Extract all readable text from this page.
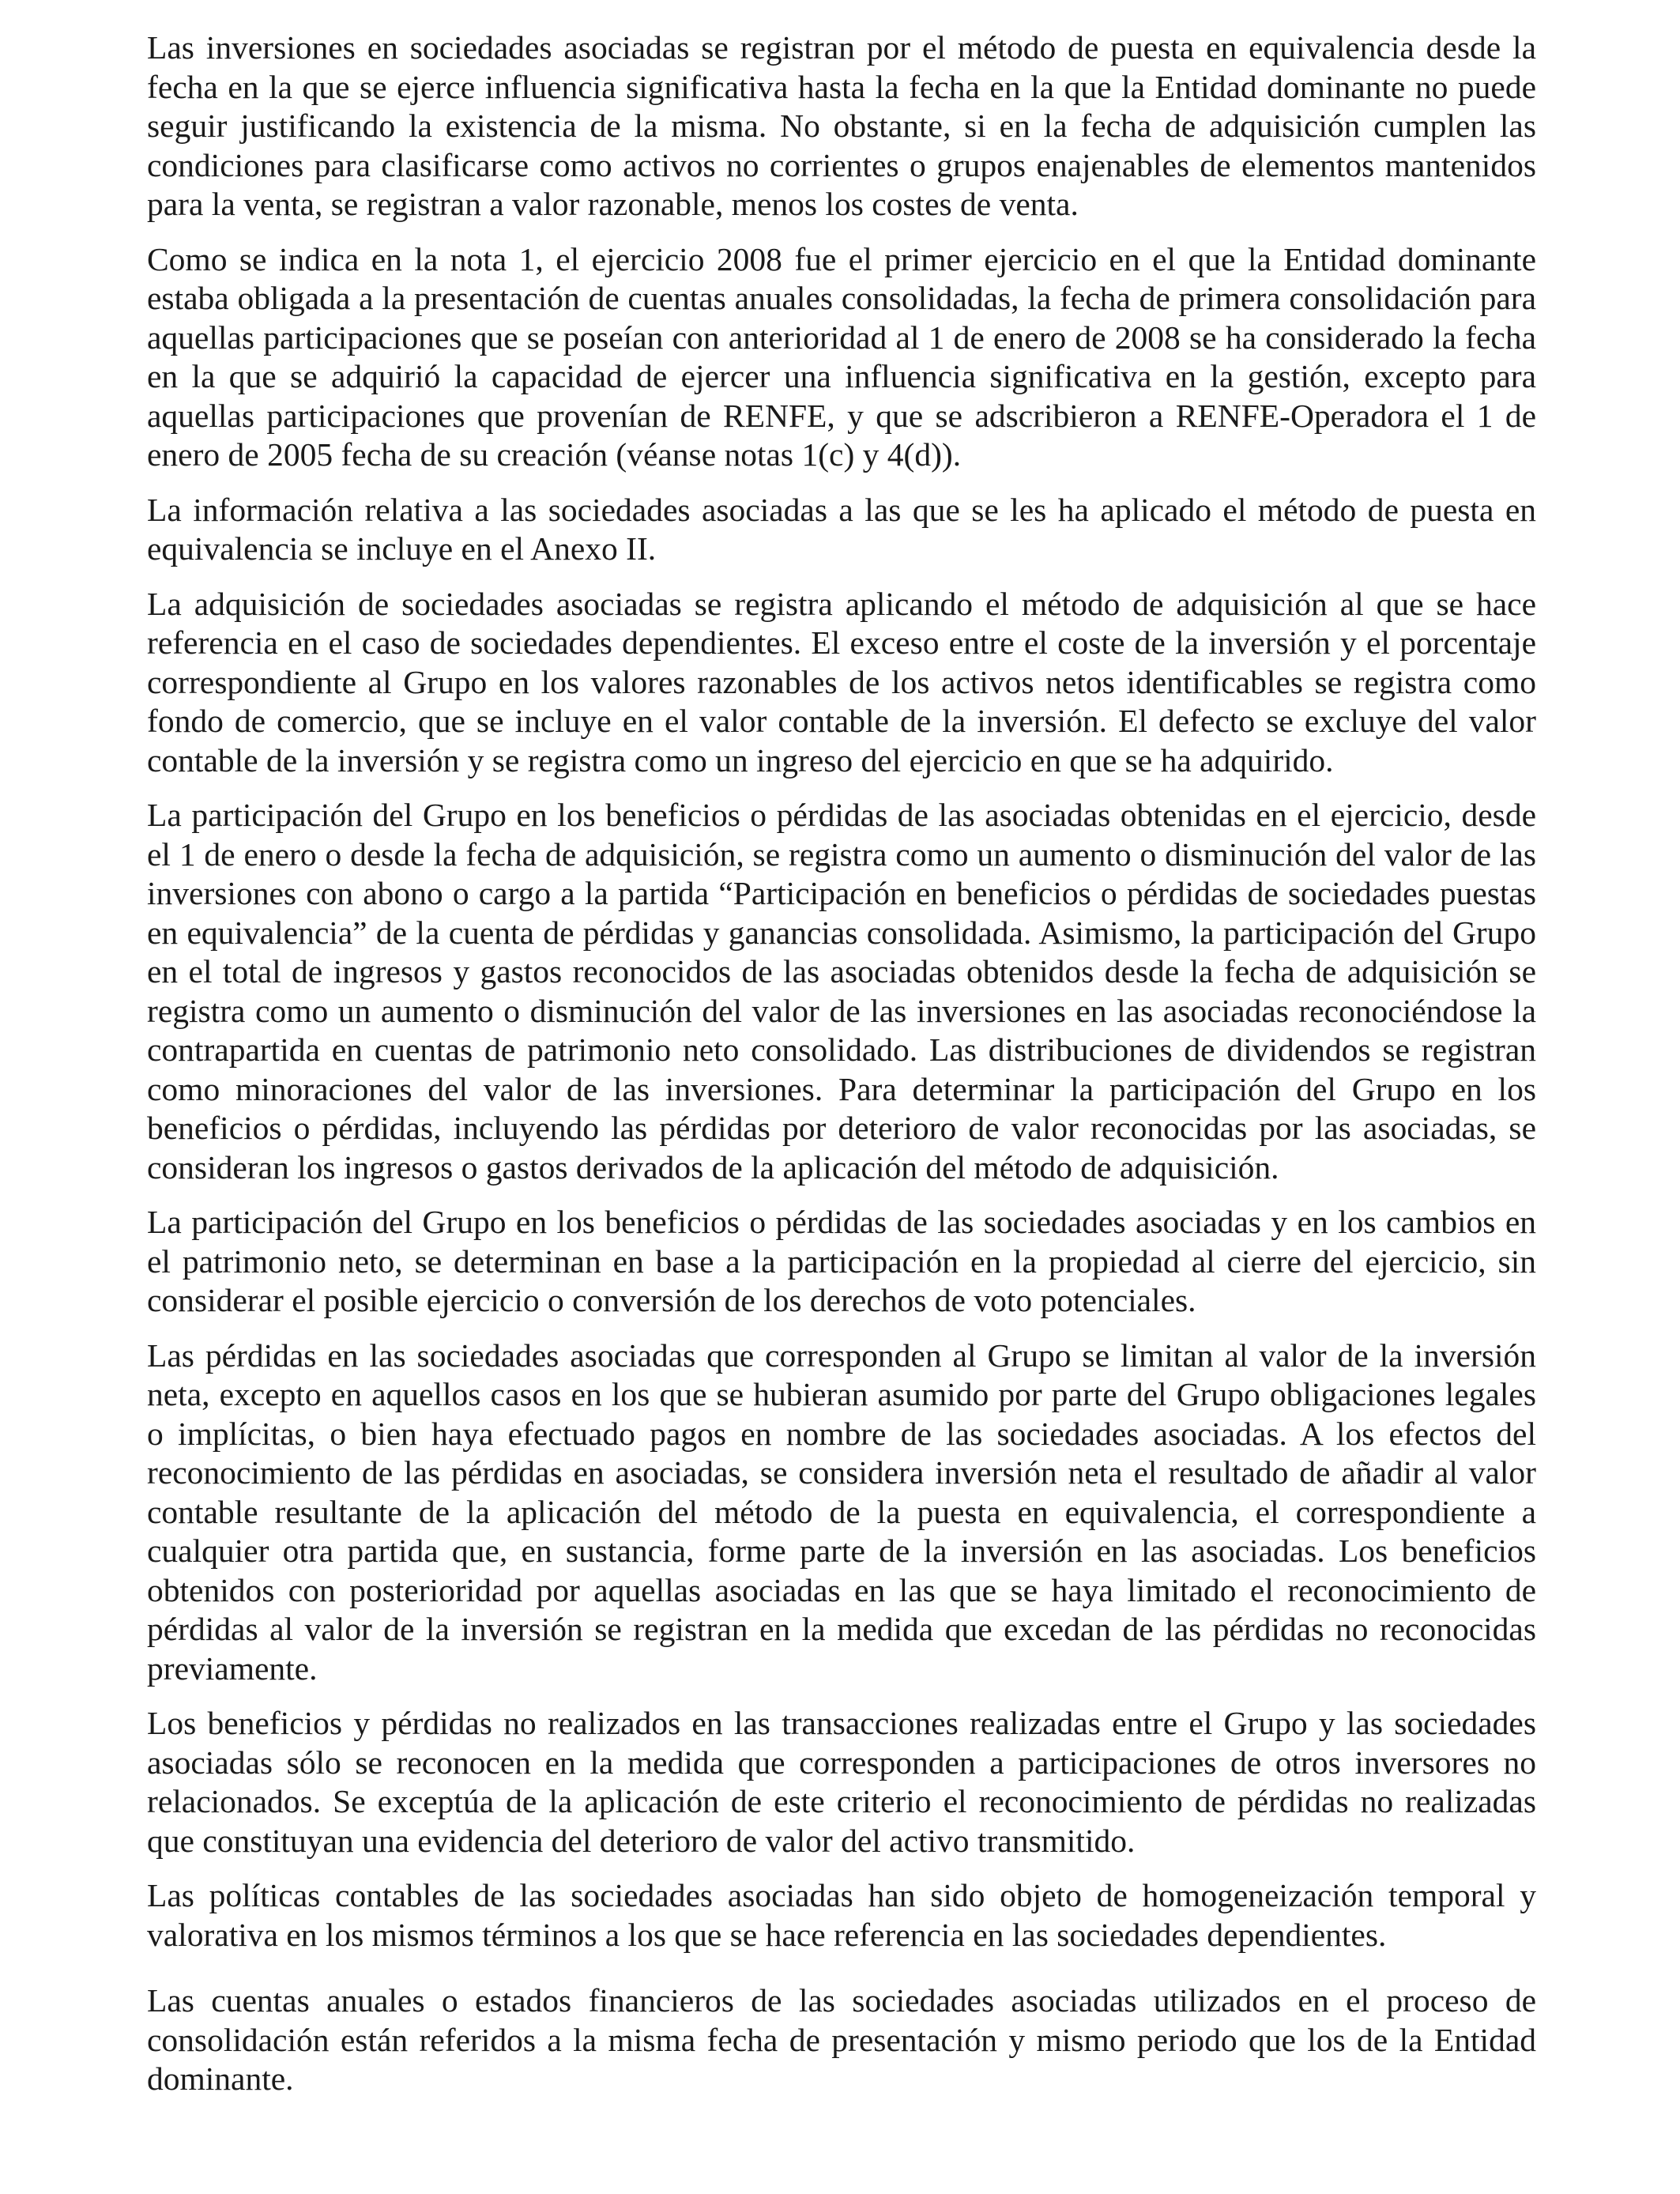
Las inversiones en sociedades asociadas se registran por el método de puesta en equivalencia desde la fecha en la que se ejerce influencia significativa hasta la fecha en la que la Entidad dominante no puede seguir justificando la existencia de la misma. No obstante, si en la fecha de adquisición cumplen las condiciones para clasificarse como activos no corrientes o grupos enajenables de elementos mantenidos para la venta, se registran a valor razonable, menos los costes de venta.

Como se indica en la nota 1, el ejercicio 2008 fue el primer ejercicio en el que la Entidad dominante estaba obligada a la presentación de cuentas anuales consolidadas, la fecha de primera consolidación para aquellas participaciones que se poseían con anterioridad al 1 de enero de 2008 se ha considerado la fecha en la que se adquirió la capacidad de ejercer una influencia significativa en la gestión, excepto para aquellas participaciones que provenían de RENFE, y que se adscribieron a RENFE-Operadora el 1 de enero de 2005 fecha de su creación (véanse notas 1(c) y 4(d)).

La información relativa a las sociedades asociadas a las que se les ha aplicado el método de puesta en equivalencia se incluye en el Anexo II.

La adquisición de sociedades asociadas se registra aplicando el método de adquisición al que se hace referencia en el caso de sociedades dependientes. El exceso entre el coste de la inversión y el porcentaje correspondiente al Grupo en los valores razonables de los activos netos identificables se registra como fondo de comercio, que se incluye en el valor contable de la inversión. El defecto se excluye del valor contable de la inversión y se registra como un ingreso del ejercicio en que se ha adquirido.

La participación del Grupo en los beneficios o pérdidas de las asociadas obtenidas en el ejercicio, desde el 1 de enero o desde la fecha de adquisición, se registra como un aumento o disminución del valor de las inversiones con abono o cargo a la partida “Participación en beneficios o pérdidas de sociedades puestas en equivalencia” de la cuenta de pérdidas y ganancias consolidada. Asimismo, la participación del Grupo en el total de ingresos y gastos reconocidos de las asociadas obtenidos desde la fecha de adquisición se registra como un aumento o disminución del valor de las inversiones en las asociadas reconociéndose la contrapartida en cuentas de patrimonio neto consolidado. Las distribuciones de dividendos se registran como minoraciones del valor de las inversiones. Para determinar la participación del Grupo en los beneficios o pérdidas, incluyendo las pérdidas por deterioro de valor reconocidas por las asociadas, se consideran los ingresos o gastos derivados de la aplicación del método de adquisición.

La participación del Grupo en los beneficios o pérdidas de las sociedades asociadas y en los cambios en el patrimonio neto, se determinan en base a la participación en la propiedad al cierre del ejercicio, sin considerar el posible ejercicio o conversión de los derechos de voto potenciales.

Las pérdidas en las sociedades asociadas que corresponden al Grupo se limitan al valor de la inversión neta, excepto en aquellos casos en los que se hubieran asumido por parte del Grupo obligaciones legales o implícitas, o bien haya efectuado pagos en nombre de las sociedades asociadas. A los efectos del reconocimiento de las pérdidas en asociadas, se considera inversión neta el resultado de añadir al valor contable resultante de la aplicación del método de la puesta en equivalencia, el correspondiente a cualquier otra partida que, en sustancia, forme parte de la inversión en las asociadas. Los beneficios obtenidos con posterioridad por aquellas asociadas en las que se haya limitado el reconocimiento de pérdidas al valor de la inversión se registran en la medida que excedan de las pérdidas no reconocidas previamente.

Los beneficios y pérdidas no realizados en las transacciones realizadas entre el Grupo y las sociedades asociadas sólo se reconocen en la medida que corresponden a participaciones de otros inversores no relacionados. Se exceptúa de la aplicación de este criterio el reconocimiento de pérdidas no realizadas que constituyan una evidencia del deterioro de valor del activo transmitido.

Las políticas contables de las sociedades asociadas han sido objeto de homogeneización temporal y valorativa en los mismos términos a los que se hace referencia en las sociedades dependientes.

Las cuentas anuales o estados financieros de las sociedades asociadas utilizados en el proceso de consolidación están referidos a la misma fecha de presentación y mismo periodo que los de la Entidad dominante.
